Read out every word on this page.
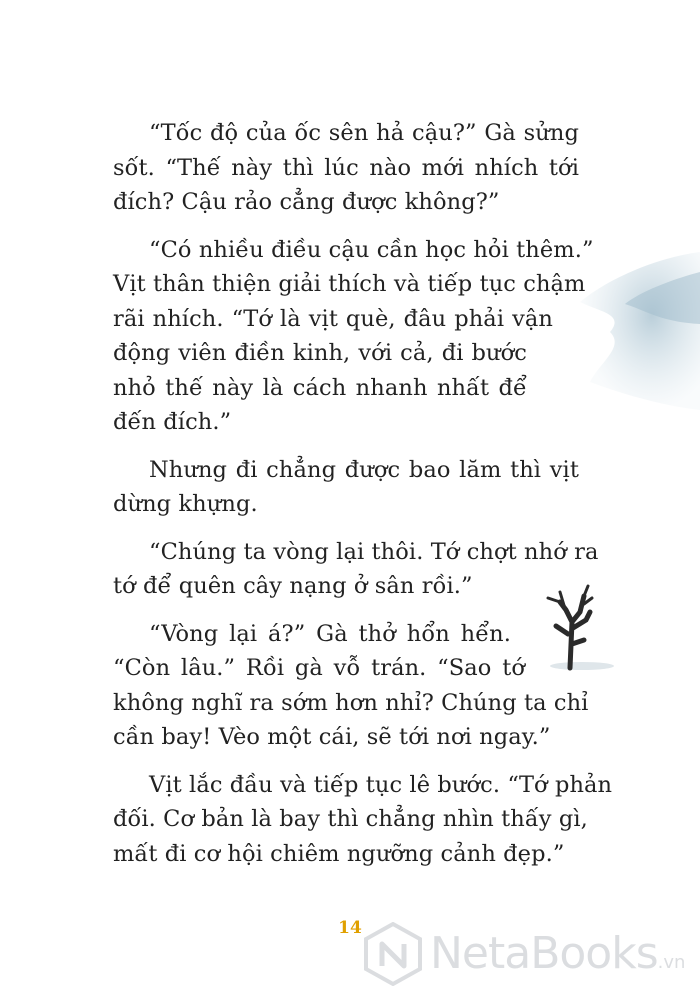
“Tốc độ của ốc sên hả cậu?” Gà sửng
sốt. “Thế này thì lúc nào mới nhích tới
đích? Cậu rảo cẳng được không?”

“Có nhiều điều cậu cần học hỏi thêm.”
Vịt thân thiện giải thích và tiếp tục chậm
rãi nhích. “Tớ là vịt què, đâu phải vận
động viên điền kinh, với cả, đi bước
nhỏ thế này là cách nhanh nhất để
đến đích.”

Nhưng đi chẳng được bao lăm thì vịt
dừng khựng.

“Chúng ta vòng lại thôi. Tớ chợt nhớ ra
tớ để quên cây nạng ở sân rồi.”

“Vòng lại á?” Gà thở hổn hển.
“Còn lâu.” Rồi gà vỗ trán. “Sao tớ
không nghĩ ra sớm hơn nhỉ? Chúng ta chỉ
cần bay! Vèo một cái, sẽ tới nơi ngay.”

Vịt lắc đầu và tiếp tục lê bước. “Tớ phản
đối. Cơ bản là bay thì chẳng nhìn thấy gì,
mất đi cơ hội chiêm ngưỡng cảnh đẹp.”

14	NetaBooks.vn
